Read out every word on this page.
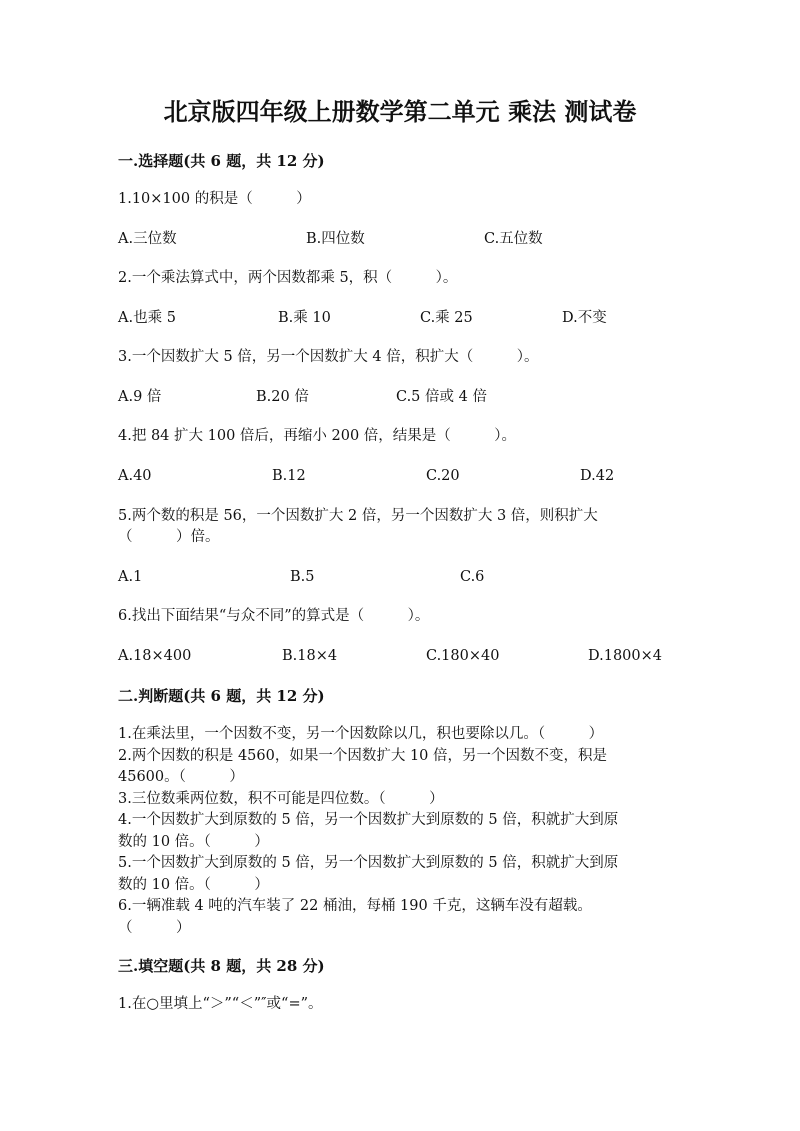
北京版四年级上册数学第二单元 乘法 测试卷
一.选择题(共 6 题，共 12 分)
1.10×100 的积是（　　　）
A.三位数	B.四位数	C.五位数
2.一个乘法算式中，两个因数都乘 5，积（　　　）。
A.也乘 5	B.乘 10	C.乘 25	D.不变
3.一个因数扩大 5 倍，另一个因数扩大 4 倍，积扩大（　　　）。
A.9 倍	B.20 倍	C.5 倍或 4 倍
4.把 84 扩大 100 倍后，再缩小 200 倍，结果是（　　　）。
A.40	B.12	C.20	D.42
5.两个数的积是 56，一个因数扩大 2 倍，另一个因数扩大 3 倍，则积扩大
（　　　）倍。
A.1	B.5	C.6
6.找出下面结果“与众不同”的算式是（　　　）。
A.18×400	B.18×4	C.180×40	D.1800×4
二.判断题(共 6 题，共 12 分)
1.在乘法里，一个因数不变，另一个因数除以几，积也要除以几。（　　　）
2.两个因数的积是 4560，如果一个因数扩大 10 倍，另一个因数不变，积是
45600。（　　　）
3.三位数乘两位数，积不可能是四位数。（　　　）
4.一个因数扩大到原数的 5 倍，另一个因数扩大到原数的 5 倍，积就扩大到原
数的 10 倍。（　　　）
5.一个因数扩大到原数的 5 倍，另一个因数扩大到原数的 5 倍，积就扩大到原
数的 10 倍。（　　　）
6.一辆准载 4 吨的汽车装了 22 桶油，每桶 190 千克，这辆车没有超载。
（　　　）
三.填空题(共 8 题，共 28 分)
1.在○里填上“＞”“＜”″或“=”。
